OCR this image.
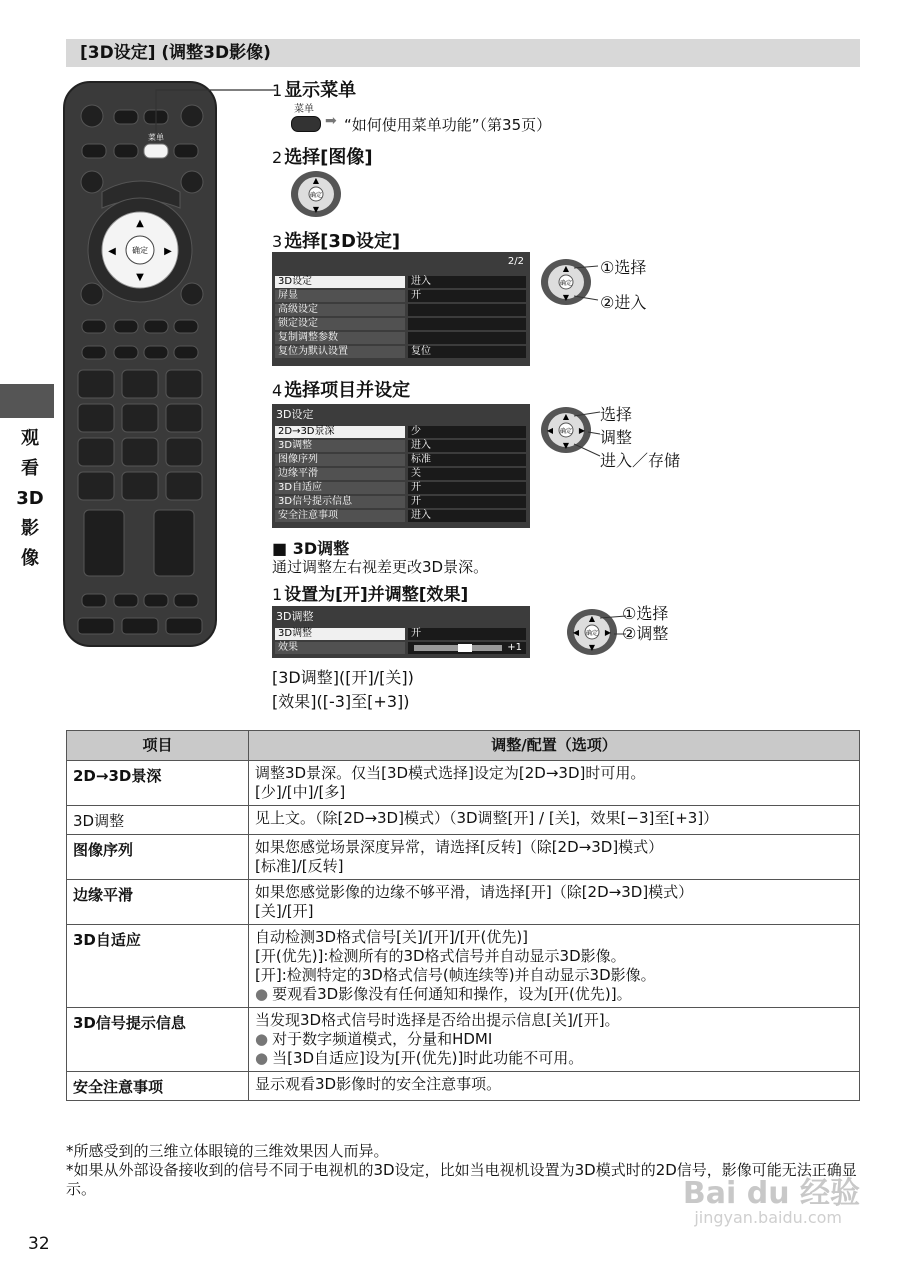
[3D设定] (调整3D影像)
观看3D影像
菜单
确定
▲
▼
◀	▶
1 显示菜单
菜单
➡ “如何使用菜单功能”（第35页）
2 选择[图像]
确定
▲
▼
3 选择[3D设定]
2/2
3D设定	进入
屏显	开
高级设定
锁定设定
复制调整参数
复位为默认设置	复位
确定
▲
▼
①选择
②进入
4 选择项目并设定
3D设定
2D→3D景深	少
3D调整	进入
图像序列	标准
边缘平滑	关
3D自适应	开
3D信号提示信息	开
安全注意事项	进入
确定
▲
▼
◀	▶
选择
调整
进入／存储
■ 3D调整
通过调整左右视差更改3D景深。
1 设置为[开]并调整[效果]
3D调整
3D调整	开
效果	+1
确定
▲
▼
◀	▶
①选择
②调整
[3D调整]([开]/[关])
[效果]([-3]至[+3])
项目	调整/配置（选项）
2D→3D景深	调整3D景深。仅当[3D模式选择]设定为[2D→3D]时可用。
[少]/[中]/[多]

3D调整	见上文。（除[2D→3D]模式）（3D调整[开] / [关]，效果[−3]至[+3]）

图像序列	如果您感觉场景深度异常，请选择[反转]（除[2D→3D]模式）
[标准]/[反转]

边缘平滑	如果您感觉影像的边缘不够平滑，请选择[开]（除[2D→3D]模式）
[关]/[开]

3D自适应	自动检测3D格式信号[关]/[开]/[开(优先)]
[开(优先)]:检测所有的3D格式信号并自动显示3D影像。
[开]:检测特定的3D格式信号(帧连续等)并自动显示3D影像。
● 要观看3D影像没有任何通知和操作，设为[开(优先)]。

3D信号提示信息	当发现3D格式信号时选择是否给出提示信息[关]/[开]。
● 对于数字频道模式，分量和HDMI
● 当[3D自适应]设为[开(优先)]时此功能不可用。

安全注意事项	显示观看3D影像时的安全注意事项。
*所感受到的三维立体眼镜的三维效果因人而异。
*如果从外部设备接收到的信号不同于电视机的3D设定，比如当电视机设置为3D模式时的2D信号，影像可能无法正确显示。	Bai du 经验
jingyan.baidu.com
32
